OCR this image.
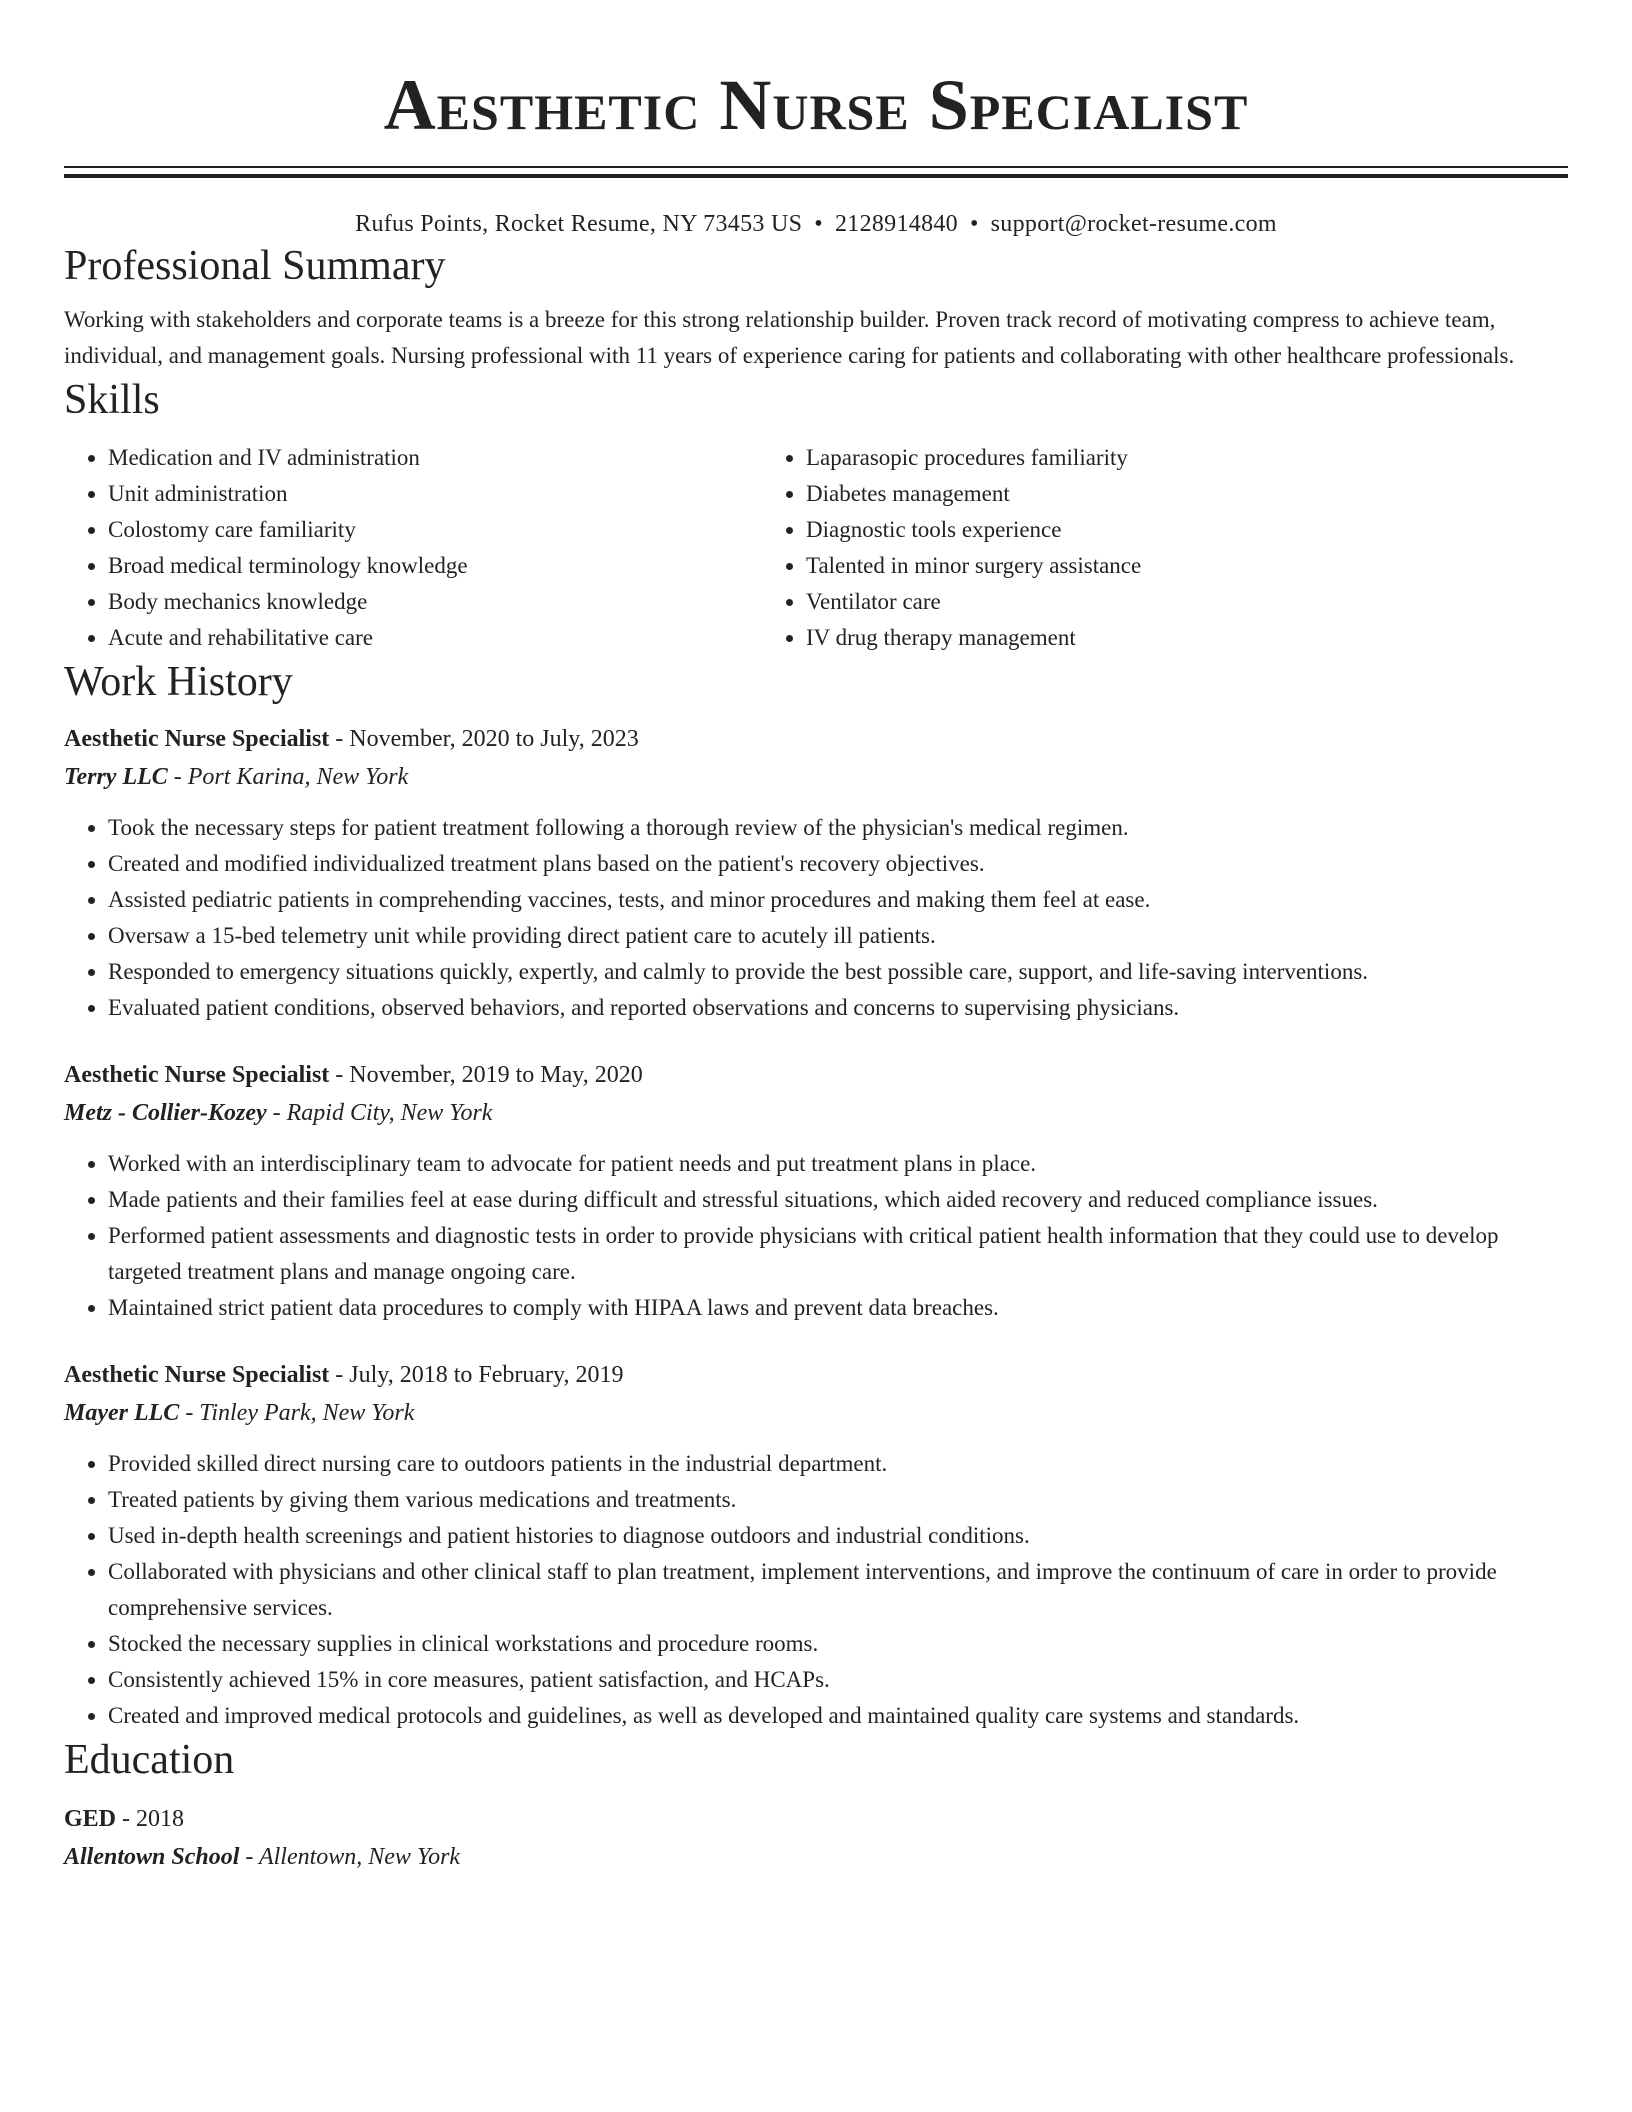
Aesthetic Nurse Specialist
Rufus Points, Rocket Resume, NY 73453 US • 2128914840 • support@rocket-resume.com
Professional Summary
Working with stakeholders and corporate teams is a breeze for this strong relationship builder. Proven track record of motivating compress to achieve team, individual, and management goals. Nursing professional with 11 years of experience caring for patients and collaborating with other healthcare professionals.
Skills
• Medication and IV administration
• Unit administration
• Colostomy care familiarity
• Broad medical terminology knowledge
• Body mechanics knowledge
• Acute and rehabilitative care
• Laparasopic procedures familiarity
• Diabetes management
• Diagnostic tools experience
• Talented in minor surgery assistance
• Ventilator care
• IV drug therapy management
Work History
Aesthetic Nurse Specialist - November, 2020 to July, 2023
Terry LLC - Port Karina, New York
• Took the necessary steps for patient treatment following a thorough review of the physician's medical regimen.
• Created and modified individualized treatment plans based on the patient's recovery objectives.
• Assisted pediatric patients in comprehending vaccines, tests, and minor procedures and making them feel at ease.
• Oversaw a 15-bed telemetry unit while providing direct patient care to acutely ill patients.
• Responded to emergency situations quickly, expertly, and calmly to provide the best possible care, support, and life-saving interventions.
• Evaluated patient conditions, observed behaviors, and reported observations and concerns to supervising physicians.
Aesthetic Nurse Specialist - November, 2019 to May, 2020
Metz - Collier-Kozey - Rapid City, New York
• Worked with an interdisciplinary team to advocate for patient needs and put treatment plans in place.
• Made patients and their families feel at ease during difficult and stressful situations, which aided recovery and reduced compliance issues.
• Performed patient assessments and diagnostic tests in order to provide physicians with critical patient health information that they could use to develop targeted treatment plans and manage ongoing care.
• Maintained strict patient data procedures to comply with HIPAA laws and prevent data breaches.
Aesthetic Nurse Specialist - July, 2018 to February, 2019
Mayer LLC - Tinley Park, New York
• Provided skilled direct nursing care to outdoors patients in the industrial department.
• Treated patients by giving them various medications and treatments.
• Used in-depth health screenings and patient histories to diagnose outdoors and industrial conditions.
• Collaborated with physicians and other clinical staff to plan treatment, implement interventions, and improve the continuum of care in order to provide comprehensive services.
• Stocked the necessary supplies in clinical workstations and procedure rooms.
• Consistently achieved 15% in core measures, patient satisfaction, and HCAPs.
• Created and improved medical protocols and guidelines, as well as developed and maintained quality care systems and standards.
Education
GED - 2018
Allentown School - Allentown, New York
